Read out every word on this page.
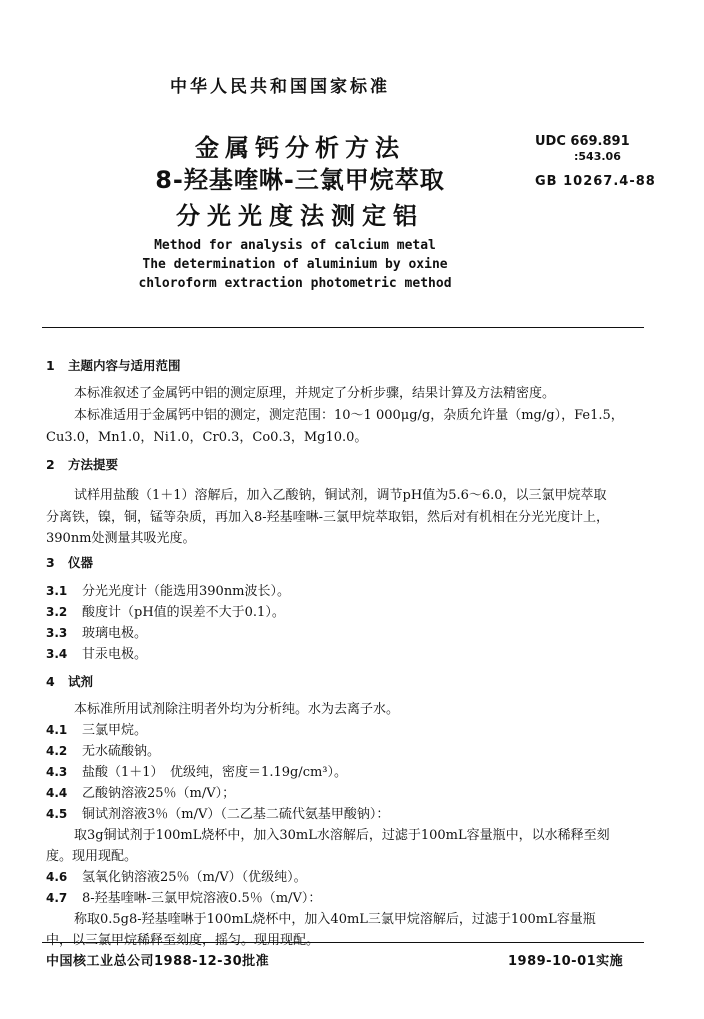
中华人民共和国国家标准
金属钙分析方法
8-羟基喹啉-三氯甲烷萃取
分光光度法测定铝
UDC 669.891
:543.06
GB 10267.4-88
Method for analysis of calcium metal
The determination of aluminium by oxine
chloroform extraction photometric method
1 主题内容与适用范围
本标准叙述了金属钙中铝的测定原理，并规定了分析步骤，结果计算及方法精密度。
本标准适用于金属钙中铝的测定，测定范围：10～1 000μg/g，杂质允许量（mg/g），Fe1.5，
Cu3.0，Mn1.0，Ni1.0，Cr0.3，Co0.3，Mg10.0。
2 方法提要
试样用盐酸（1＋1）溶解后，加入乙酸钠，铜试剂，调节pH值为5.6～6.0，以三氯甲烷萃取
分离铁，镍，铜，锰等杂质，再加入8-羟基喹啉-三氯甲烷萃取铝，然后对有机相在分光光度计上，
390nm处测量其吸光度。
3 仪器
3.1 分光光度计（能选用390nm波长）。
3.2 酸度计（pH值的误差不大于0.1）。
3.3 玻璃电极。
3.4 甘汞电极。
4 试剂
本标准所用试剂除注明者外均为分析纯。水为去离子水。
4.1 三氯甲烷。
4.2 无水硫酸钠。
4.3 盐酸（1＋1）　优级纯，密度＝1.19g/cm³）。
4.4 乙酸钠溶液25％（m/V）；
4.5 铜试剂溶液3％（m/V）（二乙基二硫代氨基甲酸钠）：
取3g铜试剂于100mL烧杯中，加入30mL水溶解后，过滤于100mL容量瓶中，以水稀释至刻
度。现用现配。
4.6 氢氧化钠溶液25％（m/V）（优级纯）。
4.7 8-羟基喹啉-三氯甲烷溶液0.5％（m/V）：
称取0.5g8-羟基喹啉于100mL烧杯中，加入40mL三氯甲烷溶解后，过滤于100mL容量瓶
中，以三氯甲烷稀释至刻度，摇匀。现用现配。
中国核工业总公司1988-12-30批准	1989-10-01实施
